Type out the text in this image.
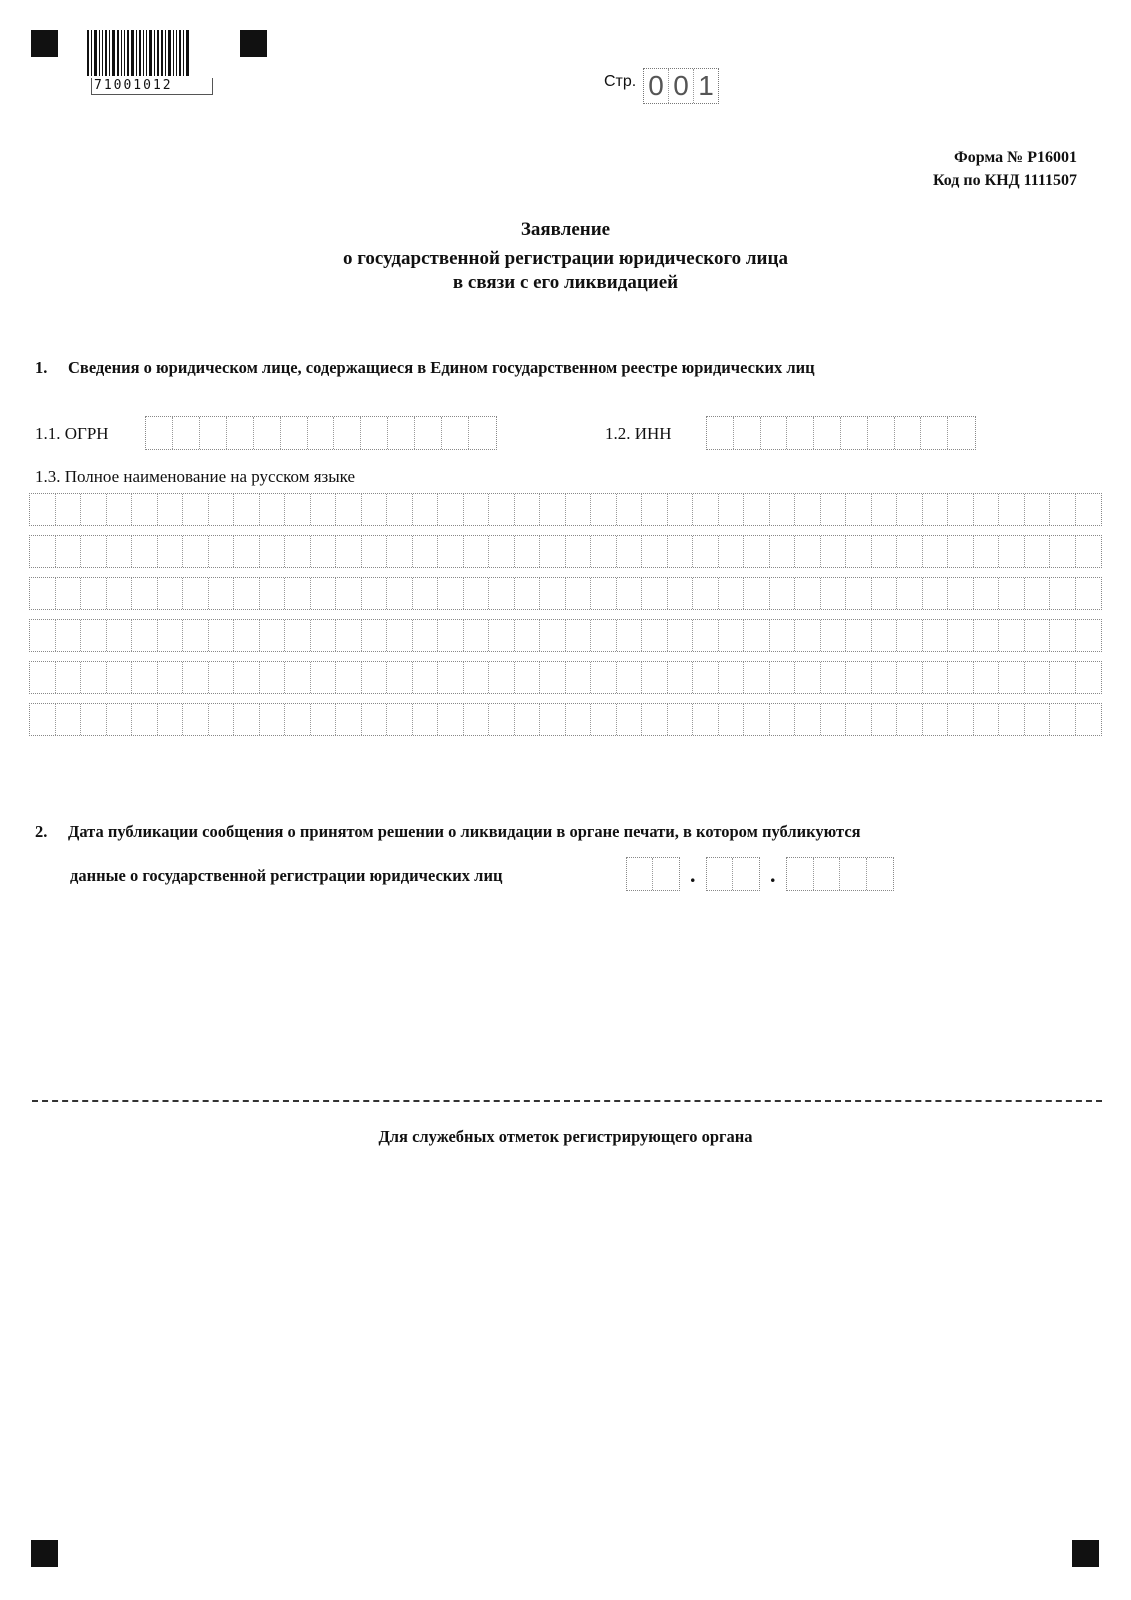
71001012	Стр. 0 0 1
Форма № Р16001
Код по КНД 1111507
Заявление
о государственной регистрации юридического лица
в связи с его ликвидацией
1. Сведения о юридическом лице, содержащиеся в Едином государственном реестре юридических лиц
1.1. ОГРН	1.2. ИНН
1.3. Полное наименование на русском языке
2. Дата публикации сообщения о принятом решении о ликвидации в органе печати, в котором публикуются
данные о государственной регистрации юридических лиц	.	.
Для служебных отметок регистрирующего органа
